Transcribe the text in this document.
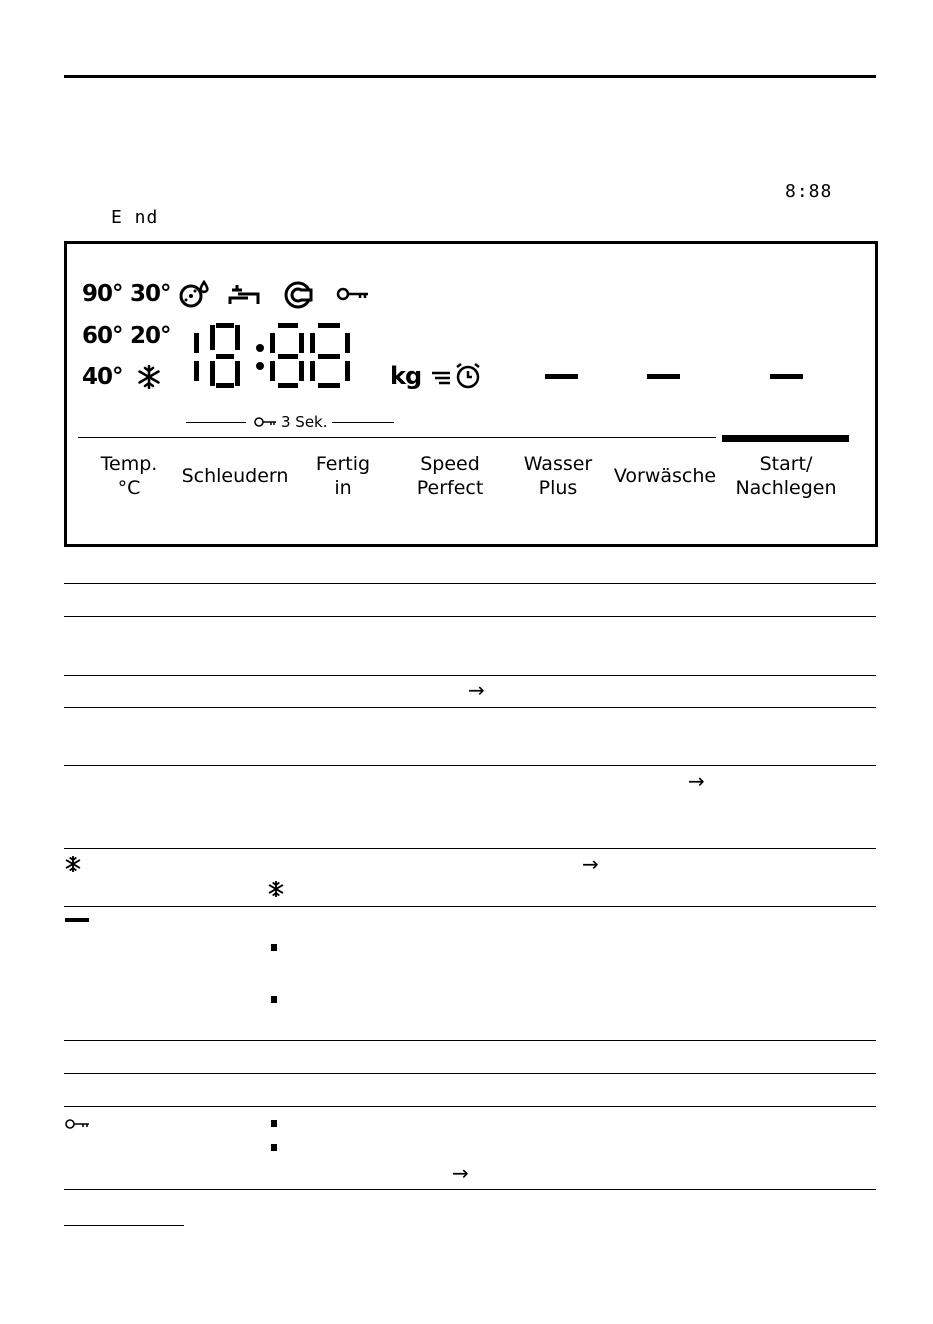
8:88
E nd
90° 30°
60° 20°
40°	kg
3 Sek.
Temp.
°C
Schleudern
Fertig
in
Speed
Perfect
Wasser
Plus
Vorwäsche
Start/
Nachlegen
→
→
→
→
